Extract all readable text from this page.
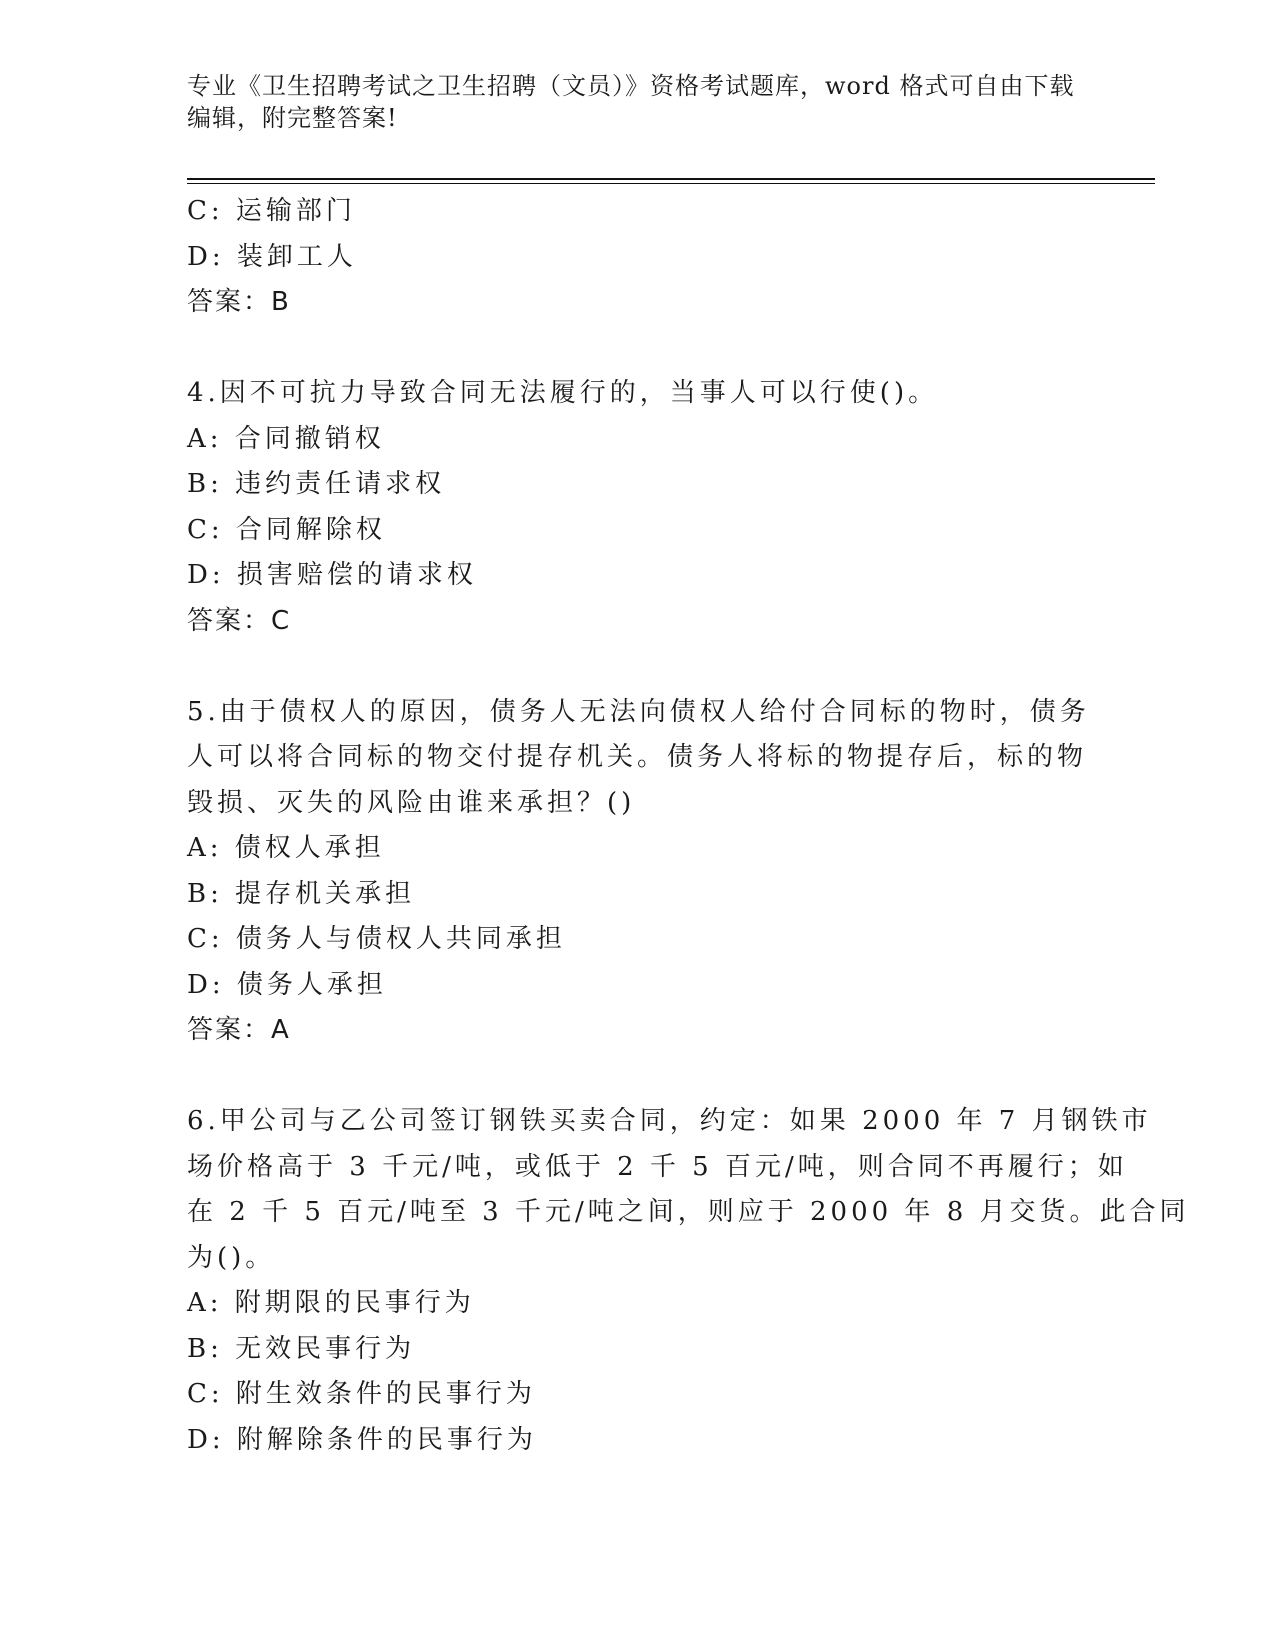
专业《卫生招聘考试之卫生招聘（文员）》资格考试题库，word 格式可自由下载
编辑，附完整答案!
C: 运输部门
D: 装卸工人
答案：B
4.因不可抗力导致合同无法履行的，当事人可以行使()。
A: 合同撤销权
B: 违约责任请求权
C: 合同解除权
D: 损害赔偿的请求权
答案：C
5.由于债权人的原因，债务人无法向债权人给付合同标的物时，债务
人可以将合同标的物交付提存机关。债务人将标的物提存后，标的物
毁损、灭失的风险由谁来承担？()
A: 债权人承担
B: 提存机关承担
C: 债务人与债权人共同承担
D: 债务人承担
答案：A
6.甲公司与乙公司签订钢铁买卖合同，约定：如果 2000 年 7 月钢铁市
场价格高于 3 千元/吨，或低于 2 千 5 百元/吨，则合同不再履行；如
在 2 千 5 百元/吨至 3 千元/吨之间，则应于 2000 年 8 月交货。此合同
为()。
A: 附期限的民事行为
B: 无效民事行为
C: 附生效条件的民事行为
D: 附解除条件的民事行为
